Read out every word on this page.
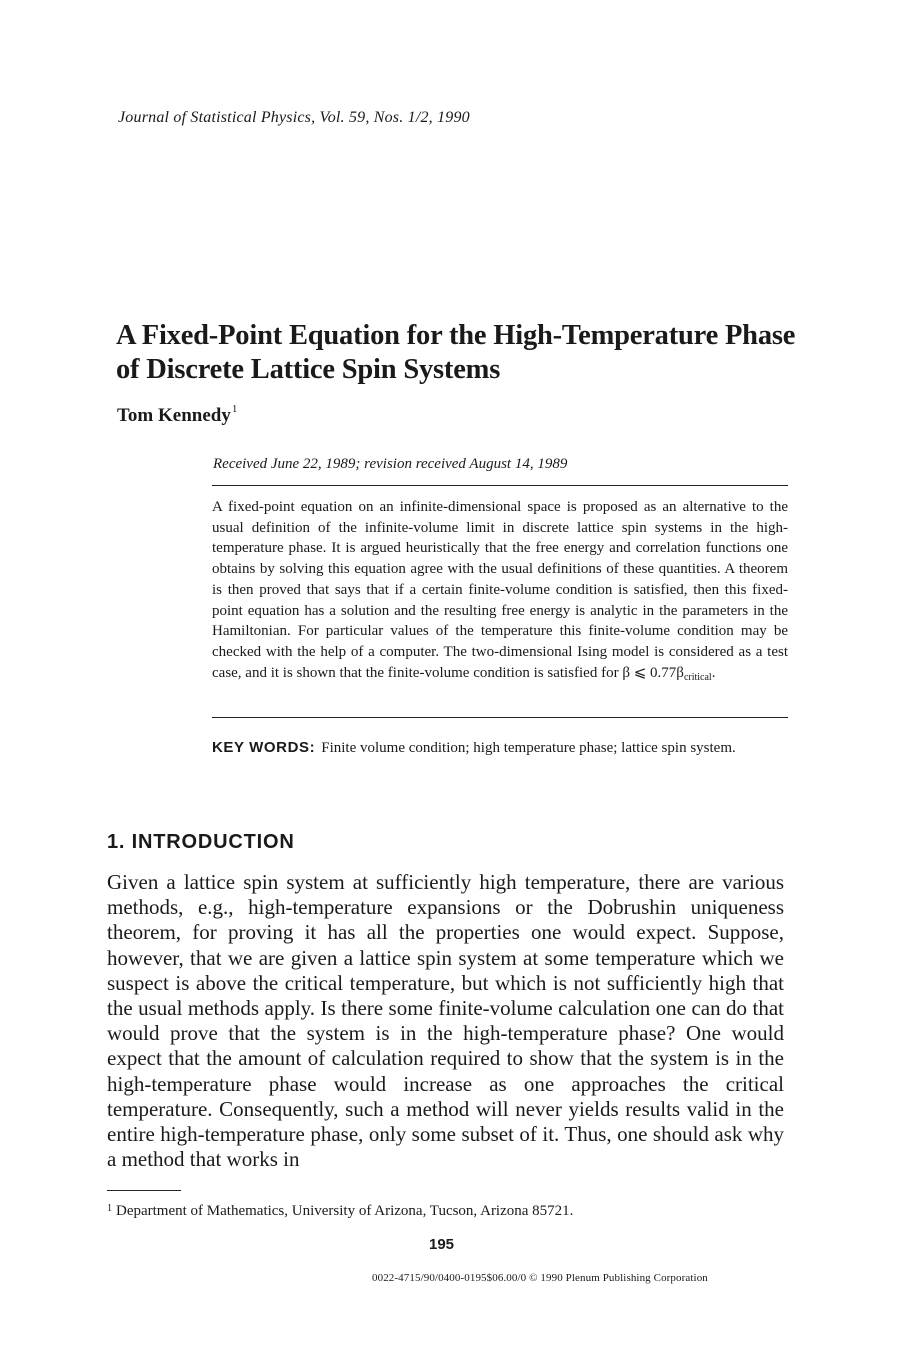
Journal of Statistical Physics, Vol. 59, Nos. 1/2, 1990
A Fixed-Point Equation for the High-Temperature Phase of Discrete Lattice Spin Systems
Tom Kennedy$^1$
Received June 22, 1989; revision received August 14, 1989
A fixed-point equation on an infinite-dimensional space is proposed as an alternative to the usual definition of the infinite-volume limit in discrete lattice spin systems in the high-temperature phase. It is argued heuristically that the free energy and correlation functions one obtains by solving this equation agree with the usual definitions of these quantities. A theorem is then proved that says that if a certain finite-volume condition is satisfied, then this fixed-point equation has a solution and the resulting free energy is analytic in the parameters in the Hamiltonian. For particular values of the temperature this finite-volume condition may be checked with the help of a computer. The two-dimensional Ising model is considered as a test case, and it is shown that the finite-volume condition is satisfied for β ⩽ $0.77\beta_{critical}$.
KEY WORDS: Finite volume condition; high temperature phase; lattice spin system.
1. INTRODUCTION
Given a lattice spin system at sufficiently high temperature, there are various methods, e.g., high-temperature expansions or the Dobrushin uniqueness theorem, for proving it has all the properties one would expect. Suppose, however, that we are given a lattice spin system at some temperature which we suspect is above the critical temperature, but which is not sufficiently high that the usual methods apply. Is there some finite-volume calculation one can do that would prove that the system is in the high-temperature phase? One would expect that the amount of calculation required to show that the system is in the high-temperature phase would increase as one approaches the critical temperature. Consequently, such a method will never yields results valid in the entire high-temperature phase, only some subset of it. Thus, one should ask why a method that works in
$^1$ Department of Mathematics, University of Arizona, Tucson, Arizona 85721.
195
0022-4715/90/0400-0195$06.00/0 © 1990 Plenum Publishing Corporation
